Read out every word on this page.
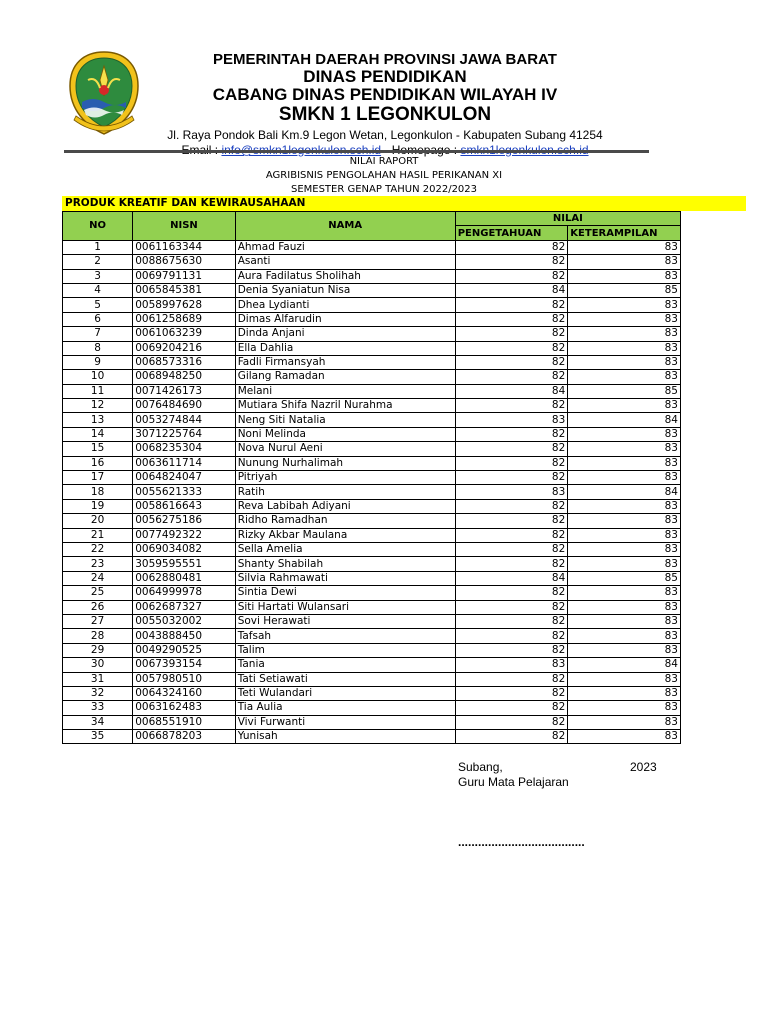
PEMERINTAH DAERAH PROVINSI JAWA BARAT
DINAS PENDIDIKAN
CABANG DINAS PENDIDIKAN WILAYAH IV
SMKN 1 LEGONKULON
Jl. Raya Pondok Bali Km.9 Legon Wetan, Legonkulon - Kabupaten Subang 41254
NILAI RAPORT
AGRIBISNIS PENGOLAHAN HASIL PERIKANAN XI
SEMESTER GENAP TAHUN 2022/2023
PRODUK KREATIF DAN KEWIRAUSAHAAN
NO	NISN	NAMA	NILAI	
			PENGETAHUAN	KETERAMPILAN
1	0061163344	Ahmad Fauzi	82	83
2	0088675630	Asanti	82	83
3	0069791131	Aura Fadilatus Sholihah	82	83
4	0065845381	Denia Syaniatun Nisa	84	85
5	0058997628	Dhea Lydianti	82	83
6	0061258689	Dimas Alfarudin	82	83
7	0061063239	Dinda Anjani	82	83
8	0069204216	Ella Dahlia	82	83
9	0068573316	Fadli Firmansyah	82	83
10	0068948250	Gilang Ramadan	82	83
11	0071426173	Melani	84	85
12	0076484690	Mutiara Shifa Nazril Nurahma	82	83
13	0053274844	Neng Siti Natalia	83	84
14	3071225764	Noni Melinda	82	83
15	0068235304	Nova Nurul Aeni	82	83
16	0063611714	Nunung Nurhalimah	82	83
17	0064824047	Pitriyah	82	83
18	0055621333	Ratih	83	84
19	0058616643	Reva Labibah Adiyani	82	83
20	0056275186	Ridho Ramadhan	82	83
21	0077492322	Rizky Akbar Maulana	82	83
22	0069034082	Sella Amelia	82	83
23	3059595551	Shanty Shabilah	82	83
24	0062880481	Silvia Rahmawati	84	85
25	0064999978	Sintia Dewi	82	83
26	0062687327	Siti Hartati Wulansari	82	83
27	0055032002	Sovi Herawati	82	83
28	0043888450	Tafsah	82	83
29	0049290525	Talim	82	83
30	0067393154	Tania	83	84
31	0057980510	Tati Setiawati	82	83
32	0064324160	Teti Wulandari	82	83
33	0063162483	Tia Aulia	82	83
34	0068551910	Vivi Furwanti	82	83
35	0066878203	Yunisah	82	83
Subang,	2023
Guru Mata Pelajaran
......................................
